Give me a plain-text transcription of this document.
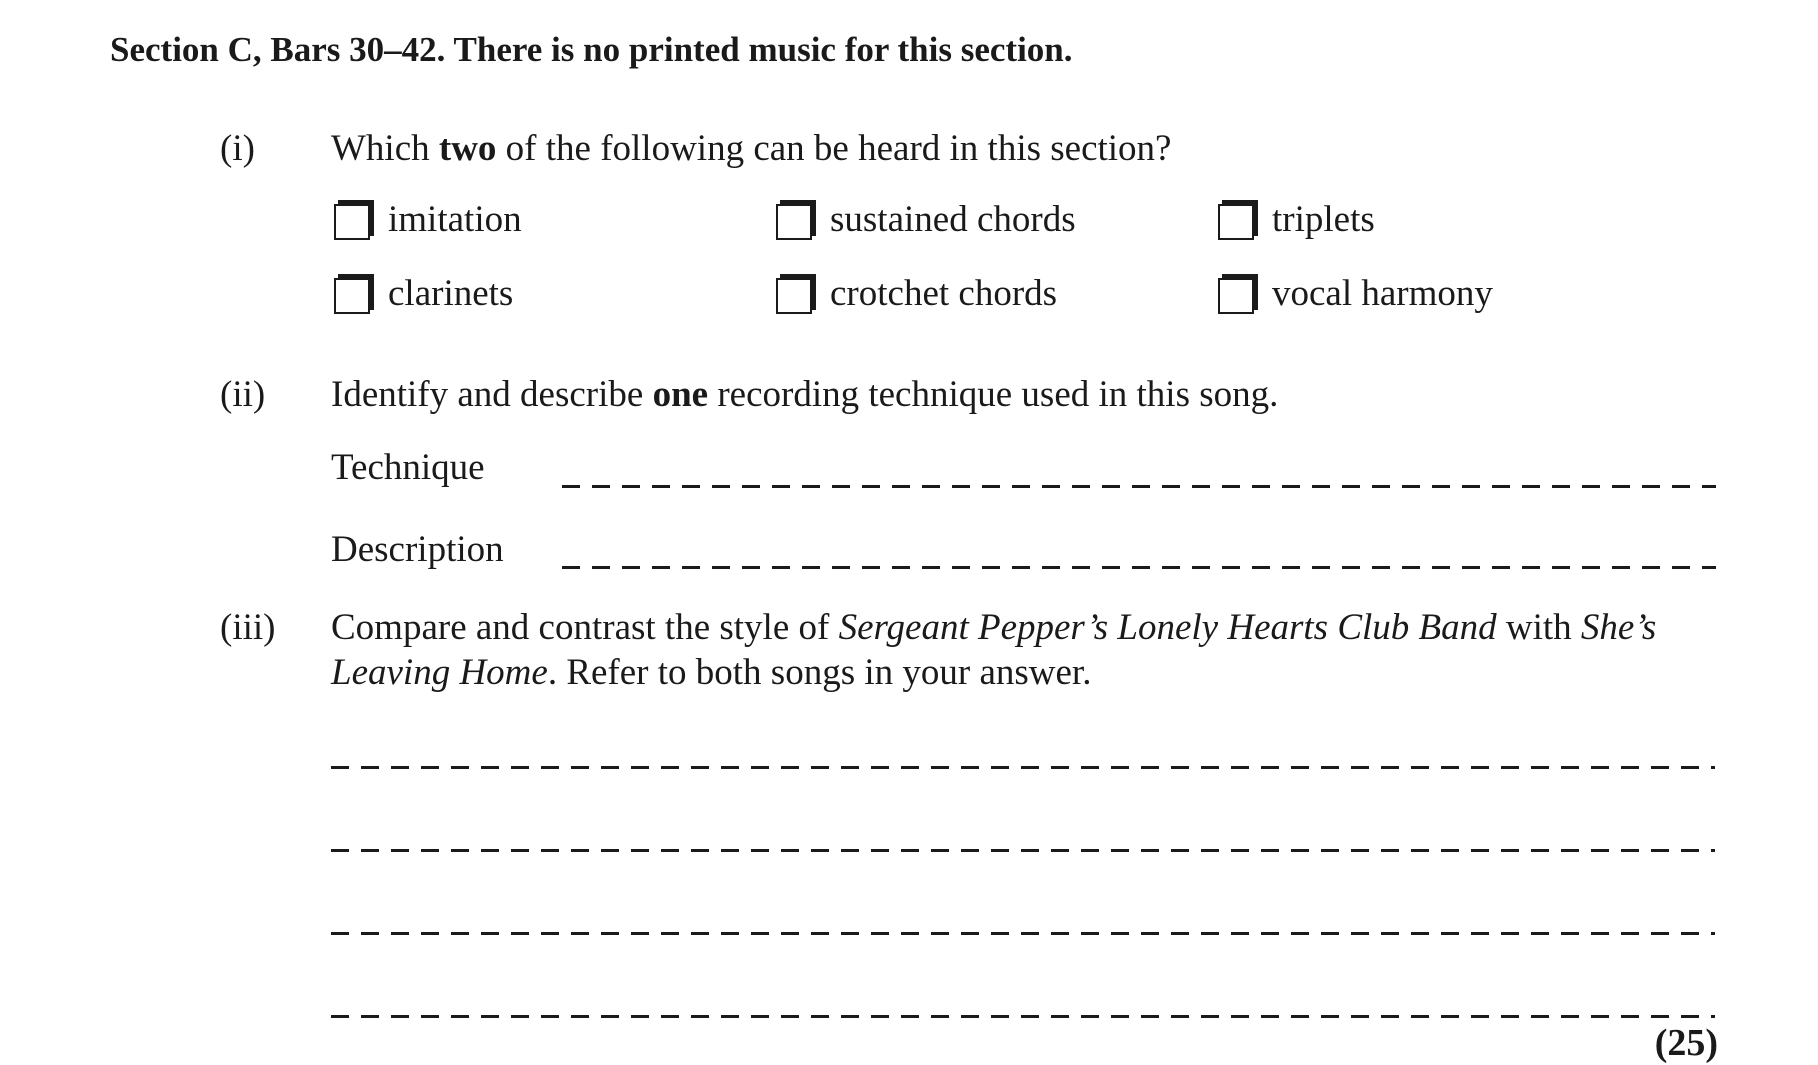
Section C, Bars 30–42. There is no printed music for this section.
(i) Which two of the following can be heard in this section?
imitation	sustained chords	triplets
clarinets	crotchet chords	vocal harmony
(ii) Identify and describe one recording technique used in this song.
Technique
Description
(iii) Compare and contrast the style of Sergeant Pepper’s Lonely Hearts Club Band with She’s
Leaving Home. Refer to both songs in your answer.
(25)
